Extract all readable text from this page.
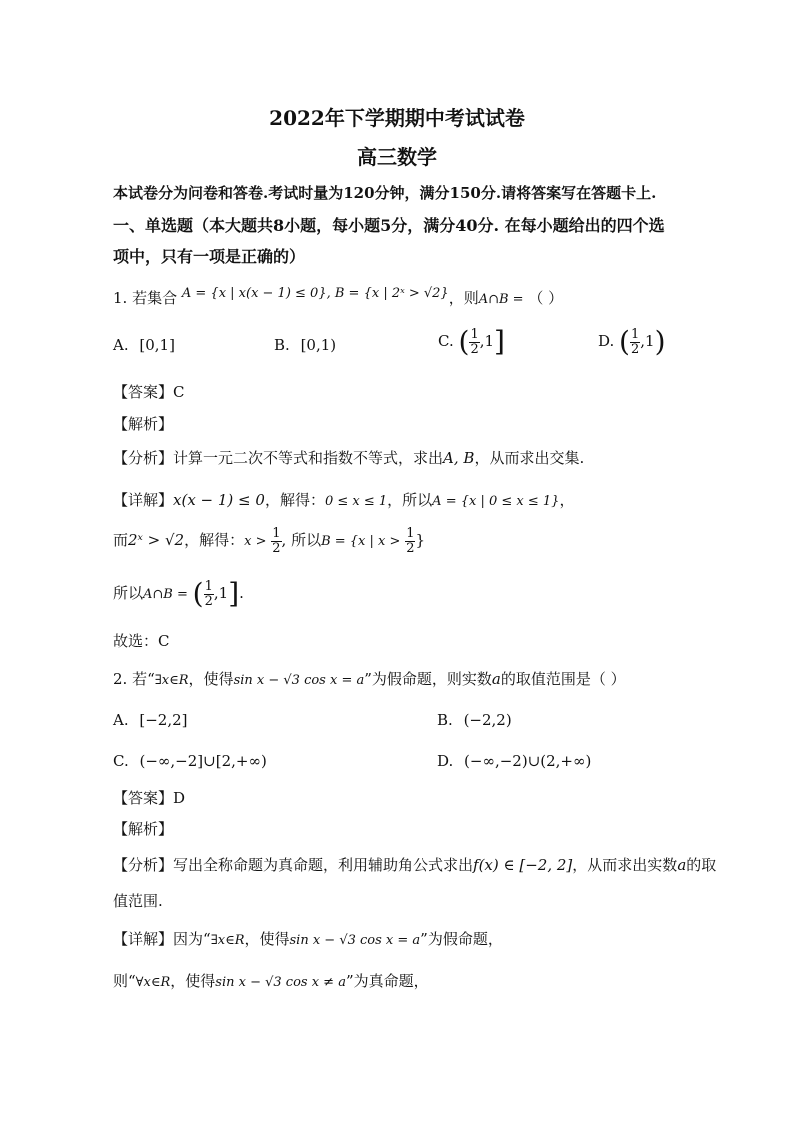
2022年下学期期中考试试卷
高三数学
本试卷分为问卷和答卷.考试时量为120分钟，满分150分.请将答案写在答题卡上.
一、单选题（本大题共8小题，每小题5分，满分40分. 在每小题给出的四个选
项中，只有一项是正确的）
1. 若集合 A = {x | x(x − 1) ≤ 0}, B = {x | 2ˣ > √2}，则A∩B = （ ）
A. [0,1]	B. [0,1)	C. ( $\frac{1}{2} ,1$]	D. ( $\frac{1}{2} ,1$)
【答案】C
【解析】
【分析】计算一元二次不等式和指数不等式，求出A, B，从而求出交集.
【详解】x(x − 1) ≤ 0，解得：0 ≤ x ≤ 1，所以A = {x | 0 ≤ x ≤ 1}，
而2ˣ > √2，解得：$x > \frac{1}{2}$ , 所以B = {x | $x > \frac{1}{2}$ }
所以A∩B = ( $\frac{1}{2} ,1$].
故选：C
2. 若“∃x∈R，使得sin x − √3 cos x = a”为假命题，则实数a的取值范围是（ ）
A. [−2,2]	B. (−2,2)
C. (−∞,−2]∪[2,+∞)	D. (−∞,−2)∪(2,+∞)
【答案】D
【解析】
【分析】写出全称命题为真命题，利用辅助角公式求出f(x) ∈ [−2, 2]，从而求出实数a的取
值范围.
【详解】因为“∃x∈R，使得sin x − √3 cos x = a”为假命题，
则“∀x∈R，使得sin x − √3 cos x ≠ a”为真命题，
